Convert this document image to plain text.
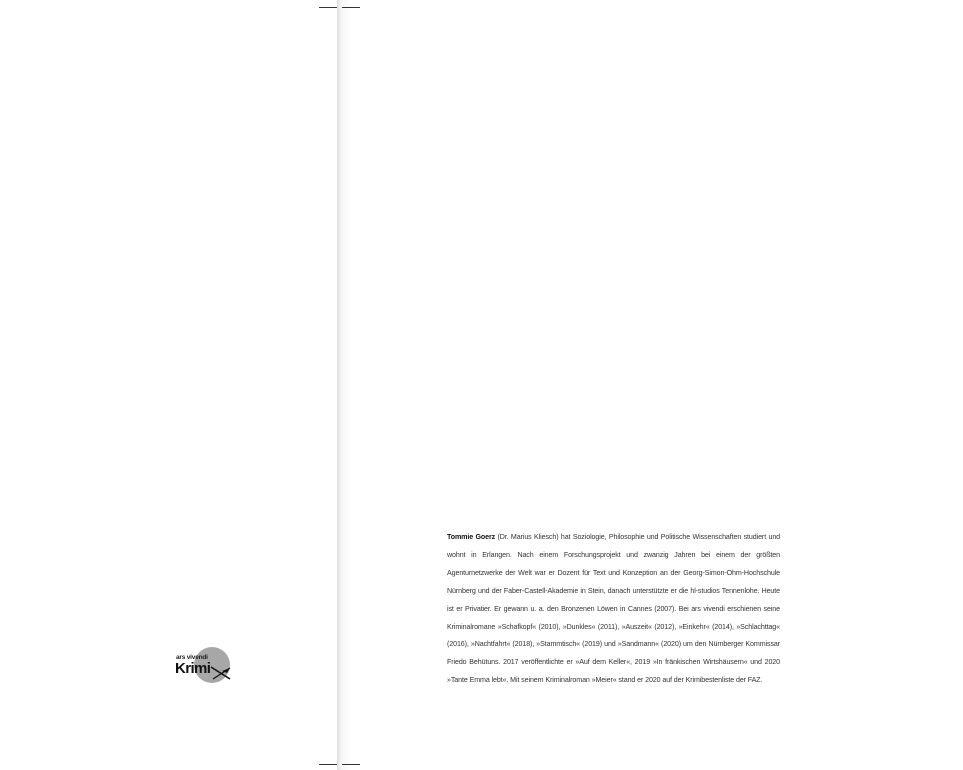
ars vivendi
Krimi
Tommie Goerz (Dr. Marius Kliesch) hat Soziologie, Philosophie und Politische Wissenschaften studiert und wohnt in Erlangen. Nach einem Forschungsprojekt und zwanzig Jahren bei einem der größten Agenturnetzwerke der Welt war er Dozent für Text und Konzeption an der Georg-Simon-Ohm-Hochschule Nürnberg und der Faber-Castell-Akademie in Stein, danach unterstützte er die hl-studios Tennenlohe. Heute ist er Privatier. Er gewann u. a. den Bronzenen Löwen in Cannes (2007). Bei ars vivendi erschienen seine Kriminalromane »Schafkopf« (2010), »Dunkles« (2011), »Auszeit« (2012), »Einkehr« (2014), »Schlachttag« (2016), »Nachtfahrt« (2018), »Stammtisch« (2019) und »Sandmann« (2020) um den Nürnberger Kommissar Friedo Behütuns. 2017 veröffentlichte er »Auf dem Keller«, 2019 »In fränkischen Wirtshäusern« und 2020 »Tante Emma lebt«. Mit seinem Kriminalroman »Meier« stand er 2020 auf der Krimibestenliste der FAZ.
